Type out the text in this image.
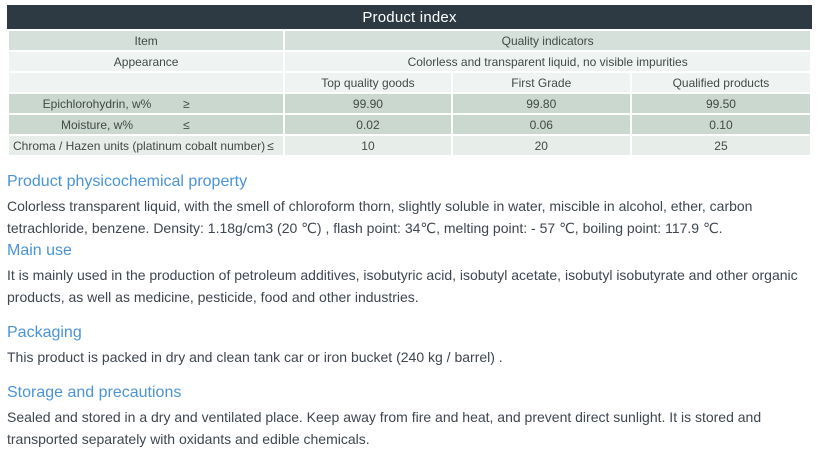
Product index
Item	Quality indicators		
Appearance	Colorless and transparent liquid, no visible impurities		
	Top quality goods	First Grade	Qualified products

Epichlorohydrin, w% ≥	99.90	99.80	99.50

Moisture, w% ≤	0.02	0.06	0.10

Chroma / Hazen units (platinum cobalt number) ≤	10	20	25
Product physicochemical property

Colorless transparent liquid, with the smell of chloroform thorn, slightly soluble in water, miscible in alcohol, ether, carbon tetrachloride, benzene. Density: 1.18g/cm3 (20 ℃) , flash point: 34℃, melting point: - 57 ℃, boiling point: 117.9 ℃.

Main use

It is mainly used in the production of petroleum additives, isobutyric acid, isobutyl acetate, isobutyl isobutyrate and other organic products, as well as medicine, pesticide, food and other industries.

Packaging

This product is packed in dry and clean tank car or iron bucket (240 kg / barrel) .

Storage and precautions

Sealed and stored in a dry and ventilated place. Keep away from fire and heat, and prevent direct sunlight. It is stored and transported separately with oxidants and edible chemicals.
